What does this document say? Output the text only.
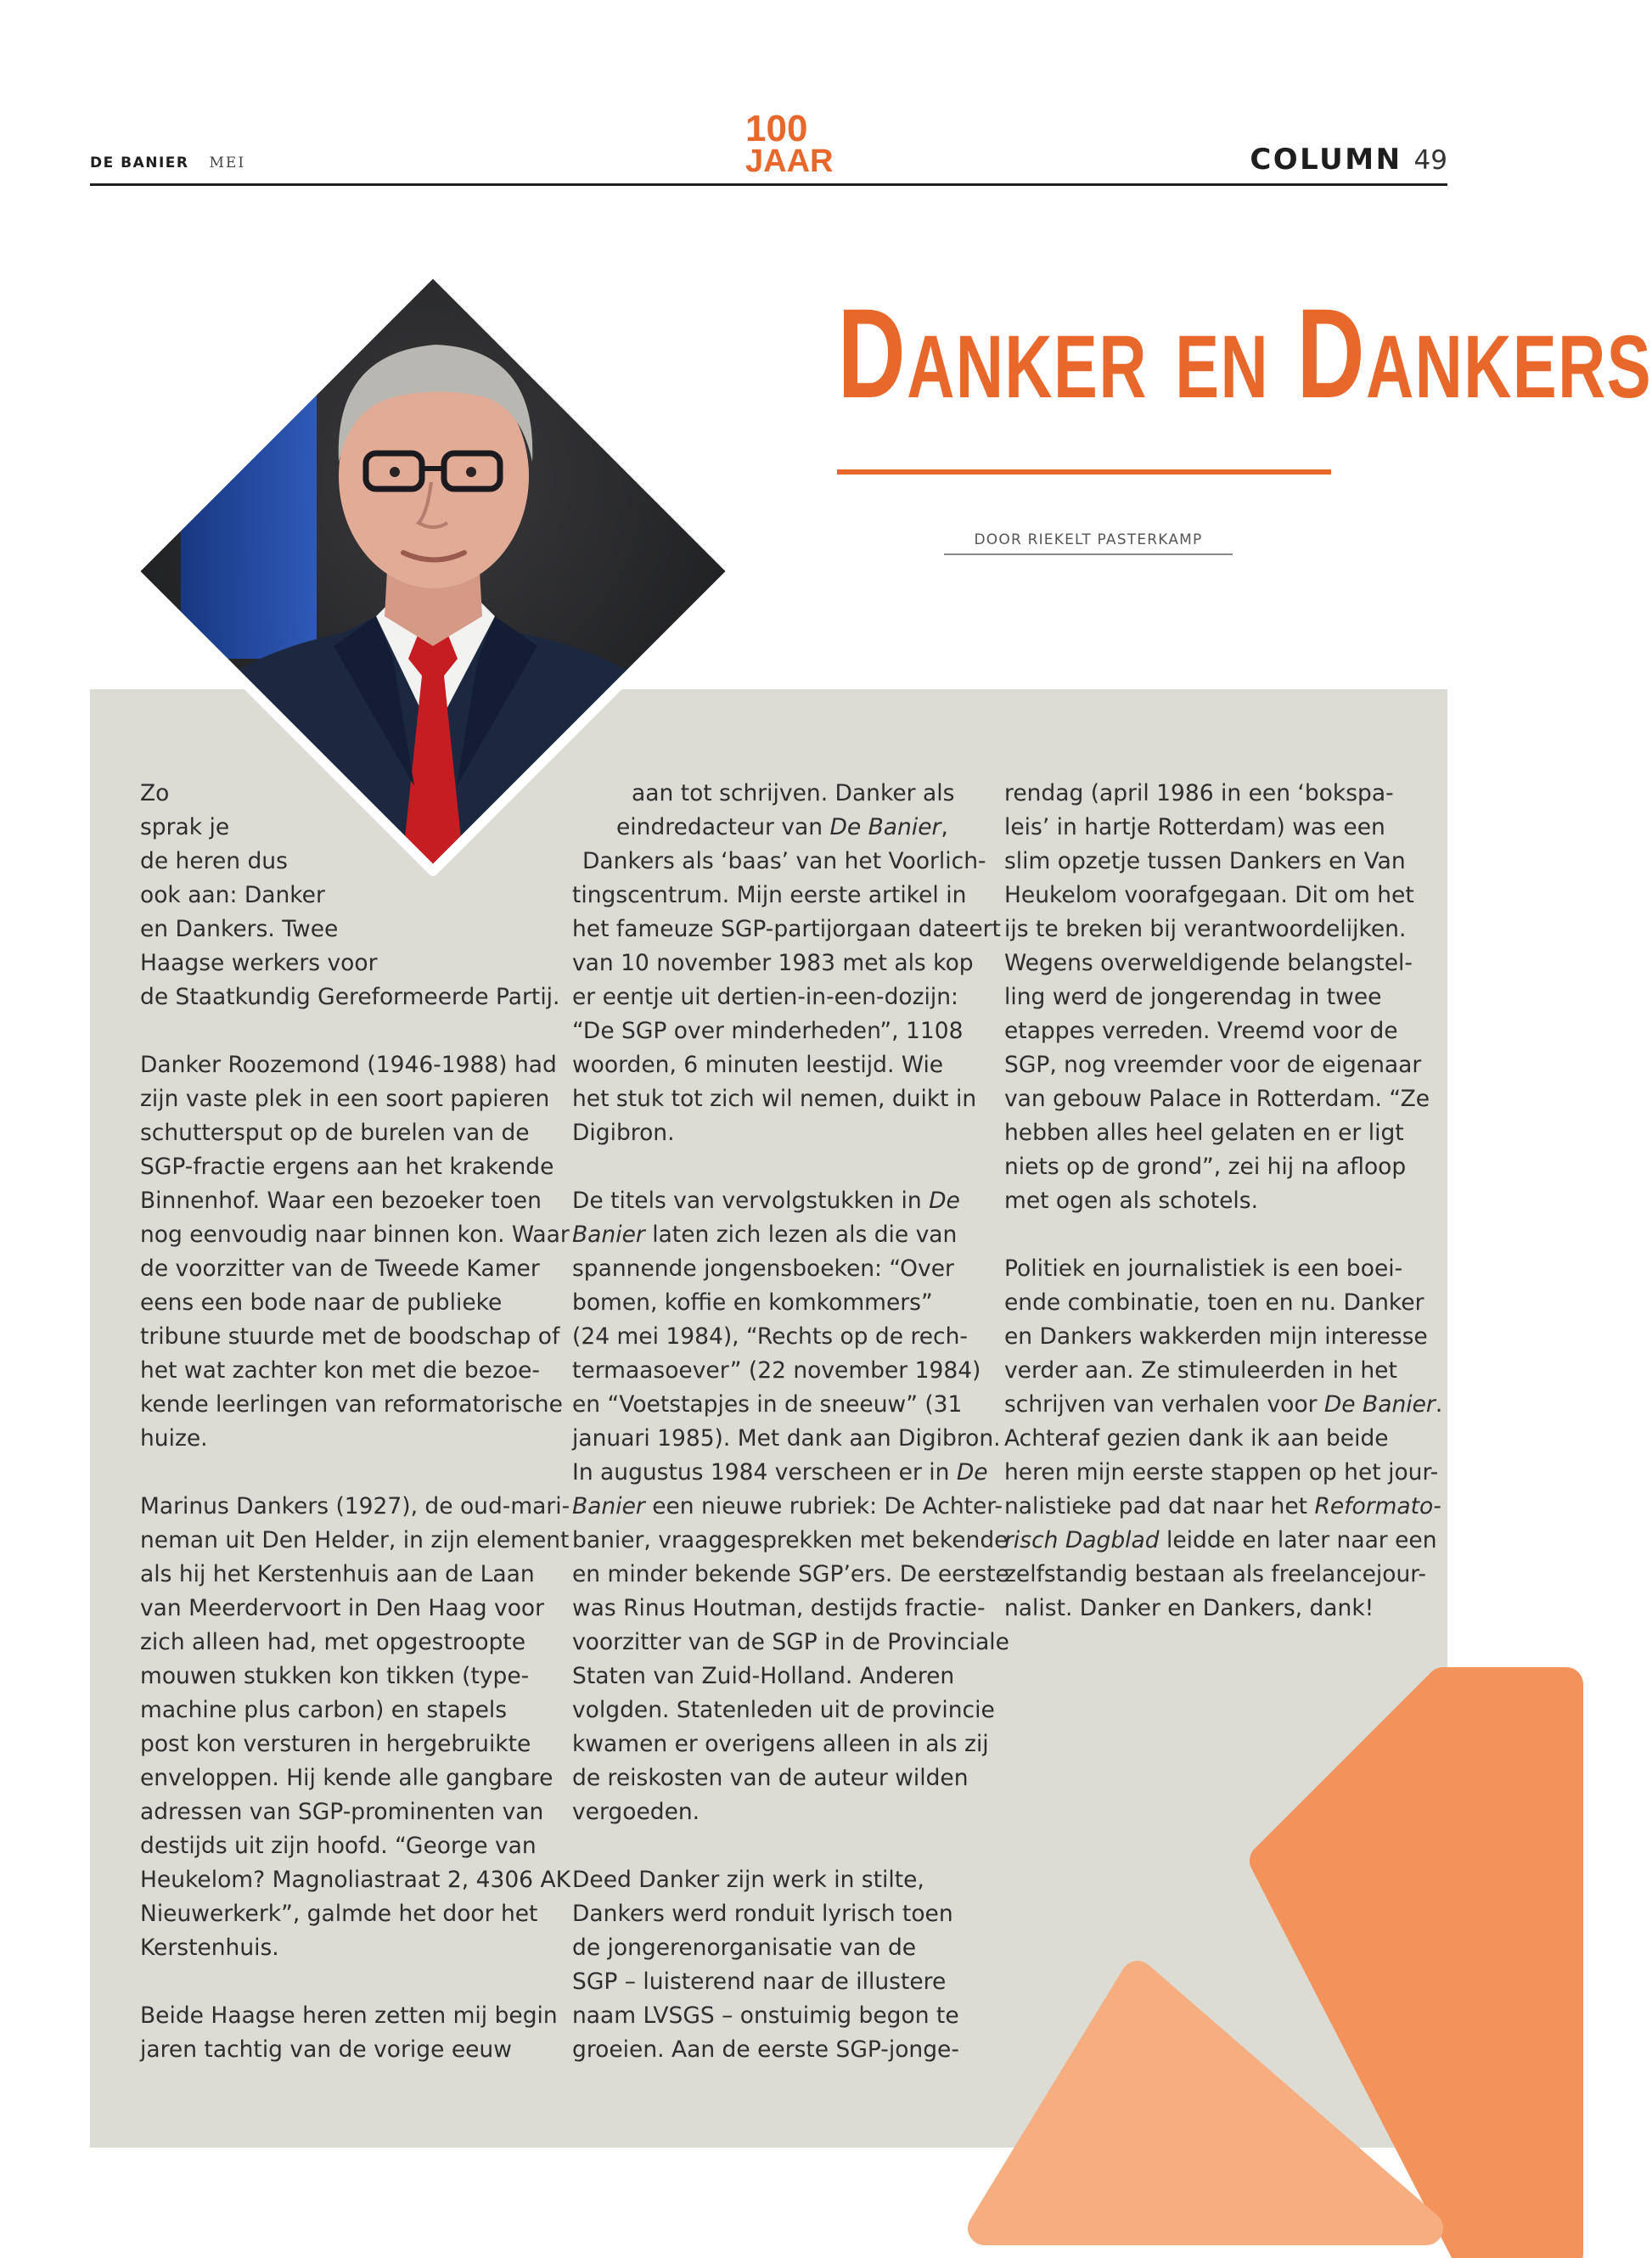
DE BANIER MEI
100
JAAR	COLUMN 49
Danker en Dankers
DOOR RIEKELT PASTERKAMP

Zo
sprak je
de heren dus
ook aan: Danker
en Dankers. Twee
Haagse werkers voor
de Staatkundig Gereformeerde Partij.

Danker Roozemond (1946-1988) had
zijn vaste plek in een soort papieren
schuttersput op de burelen van de
SGP-fractie ergens aan het krakende
Binnenhof. Waar een bezoeker toen
nog eenvoudig naar binnen kon. Waar
de voorzitter van de Tweede Kamer
eens een bode naar de publieke
tribune stuurde met de boodschap of
het wat zachter kon met die bezoe-
kende leerlingen van reformatorische
huize.

Marinus Dankers (1927), de oud-mari-
neman uit Den Helder, in zijn element
als hij het Kerstenhuis aan de Laan
van Meerdervoort in Den Haag voor
zich alleen had, met opgestroopte
mouwen stukken kon tikken (type-
machine plus carbon) en stapels
post kon versturen in hergebruikte
enveloppen. Hij kende alle gangbare
adressen van SGP-prominenten van
destijds uit zijn hoofd. “George van
Heukelom? Magnoliastraat 2, 4306 AK
Nieuwerkerk”, galmde het door het
Kerstenhuis.

Beide Haagse heren zetten mij begin
jaren tachtig van de vorige eeuw

aan tot schrijven. Danker als
eindredacteur van De Banier,
Dankers als ‘baas’ van het Voorlich-
tingscentrum. Mijn eerste artikel in
het fameuze SGP-partijorgaan dateert
van 10 november 1983 met als kop
er eentje uit dertien-in-een-dozijn:
“De SGP over minderheden”, 1108
woorden, 6 minuten leestijd. Wie
het stuk tot zich wil nemen, duikt in
Digibron.

De titels van vervolgstukken in De
Banier laten zich lezen als die van
spannende jongensboeken: “Over
bomen, koffie en komkommers”
(24 mei 1984), “Rechts op de rech-
termaasoever” (22 november 1984)
en “Voetstapjes in de sneeuw” (31
januari 1985). Met dank aan Digibron.
In augustus 1984 verscheen er in De
Banier een nieuwe rubriek: De Achter-
banier, vraaggesprekken met bekende
en minder bekende SGP’ers. De eerste
was Rinus Houtman, destijds fractie-
voorzitter van de SGP in de Provinciale
Staten van Zuid-Holland. Anderen
volgden. Statenleden uit de provincie
kwamen er overigens alleen in als zij
de reiskosten van de auteur wilden
vergoeden.

Deed Danker zijn werk in stilte,
Dankers werd ronduit lyrisch toen
de jongerenorganisatie van de
SGP – luisterend naar de illustere
naam LVSGS – onstuimig begon te
groeien. Aan de eerste SGP-jonge-

rendag (april 1986 in een ‘bokspa-
leis’ in hartje Rotterdam) was een
slim opzetje tussen Dankers en Van
Heukelom voorafgegaan. Dit om het
ijs te breken bij verantwoordelijken.
Wegens overweldigende belangstel-
ling werd de jongerendag in twee
etappes verreden. Vreemd voor de
SGP, nog vreemder voor de eigenaar
van gebouw Palace in Rotterdam. “Ze
hebben alles heel gelaten en er ligt
niets op de grond”, zei hij na afloop
met ogen als schotels.

Politiek en journalistiek is een boei-
ende combinatie, toen en nu. Danker
en Dankers wakkerden mijn interesse
verder aan. Ze stimuleerden in het
schrijven van verhalen voor De Banier
Achteraf gezien dank ik aan beide
heren mijn eerste stappen op het jour-
nalistieke pad dat naar het Reformato-
risch Dagblad leidde en later naar een
zelfstandig bestaan als freelancejour-
nalist. Danker en Dankers, dank!
